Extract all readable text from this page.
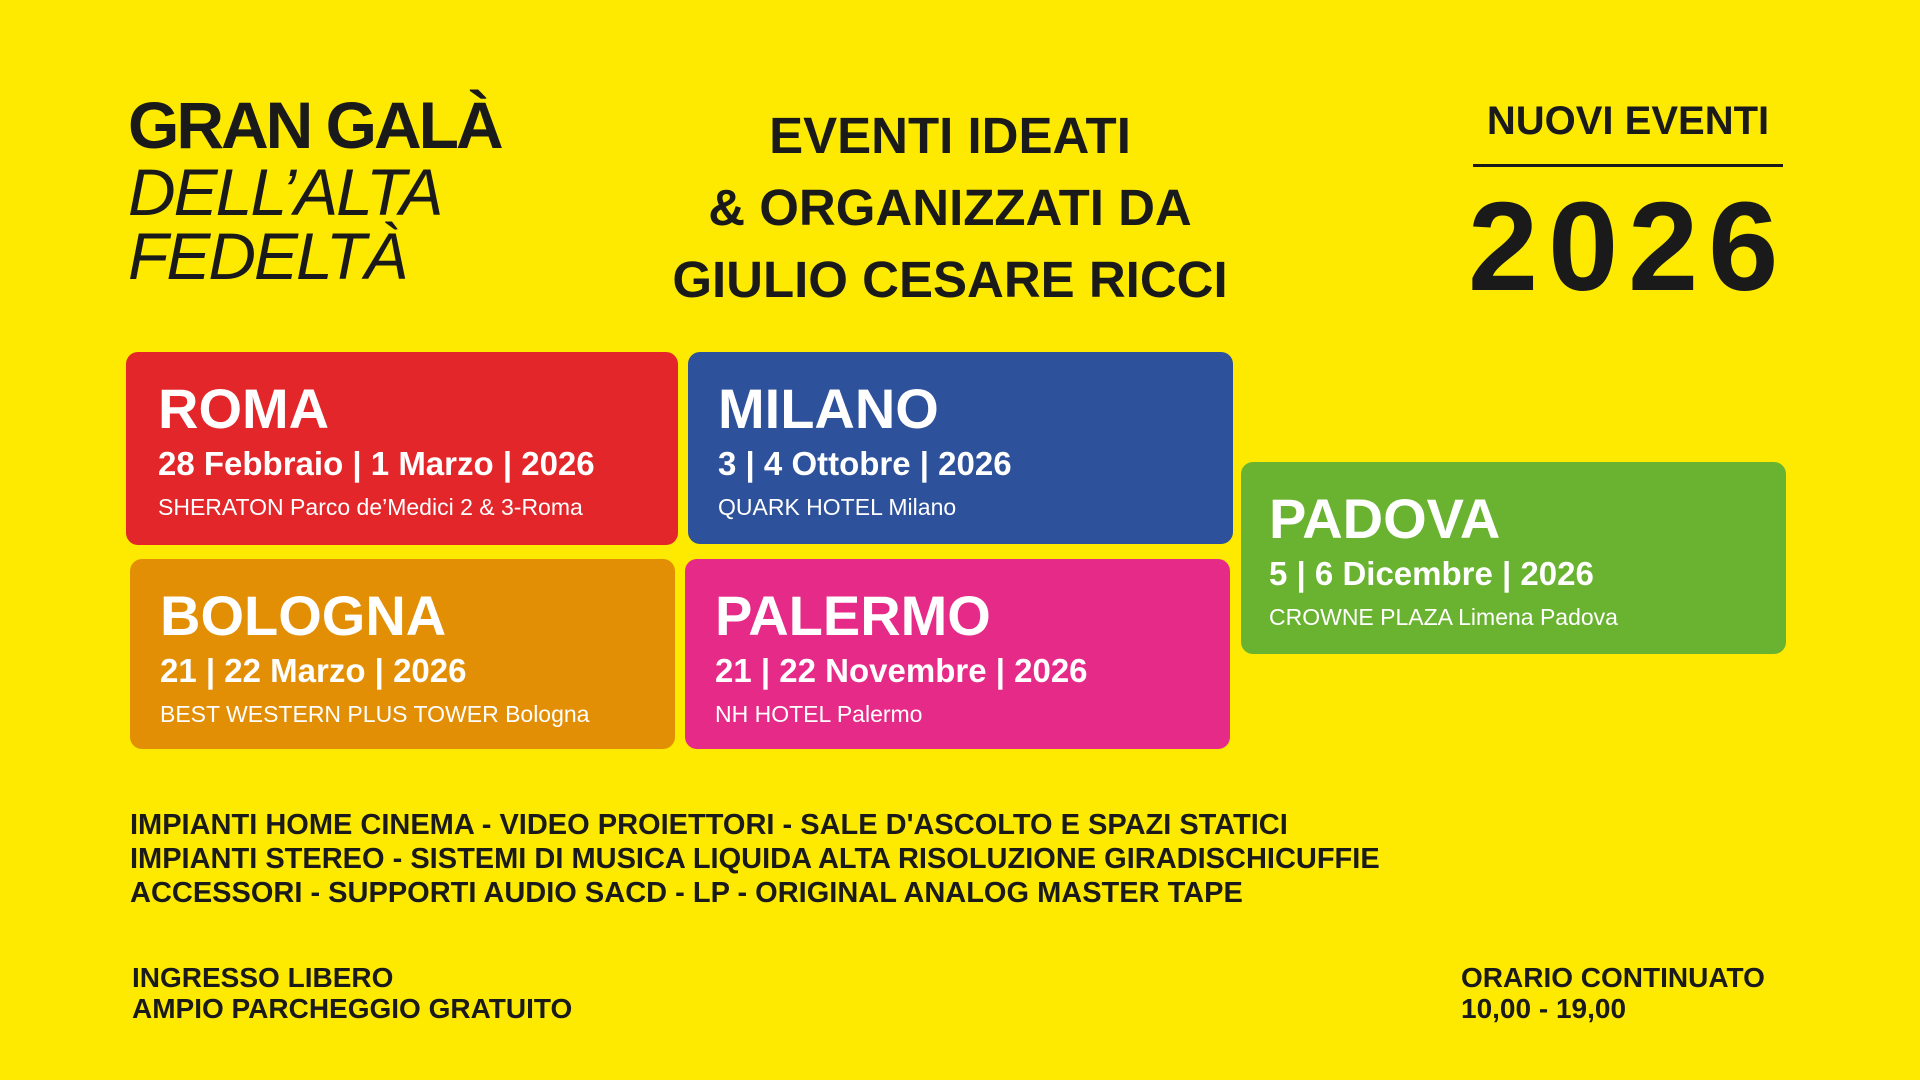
GRAN GALÀ
DELL’ALTA
FEDELTÀ
EVENTI IDEATI
& ORGANIZZATI DA
GIULIO CESARE RICCI
NUOVI EVENTI
2026
ROMA
28 Febbraio | 1 Marzo | 2026
SHERATON Parco de’Medici 2 & 3-Roma
MILANO
3 | 4 Ottobre | 2026
QUARK HOTEL Milano
BOLOGNA
21 | 22 Marzo | 2026
BEST WESTERN PLUS TOWER Bologna
PALERMO
21 | 22 Novembre | 2026
NH HOTEL Palermo
PADOVA
5 | 6 Dicembre | 2026
CROWNE PLAZA Limena Padova
IMPIANTI HOME CINEMA - VIDEO PROIETTORI - SALE D'ASCOLTO E SPAZI STATICI
IMPIANTI STEREO - SISTEMI DI MUSICA LIQUIDA ALTA RISOLUZIONE GIRADISCHICUFFIE
ACCESSORI - SUPPORTI AUDIO SACD - LP - ORIGINAL ANALOG MASTER TAPE
INGRESSO LIBERO
AMPIO PARCHEGGIO GRATUITO
ORARIO CONTINUATO
10,00 - 19,00
